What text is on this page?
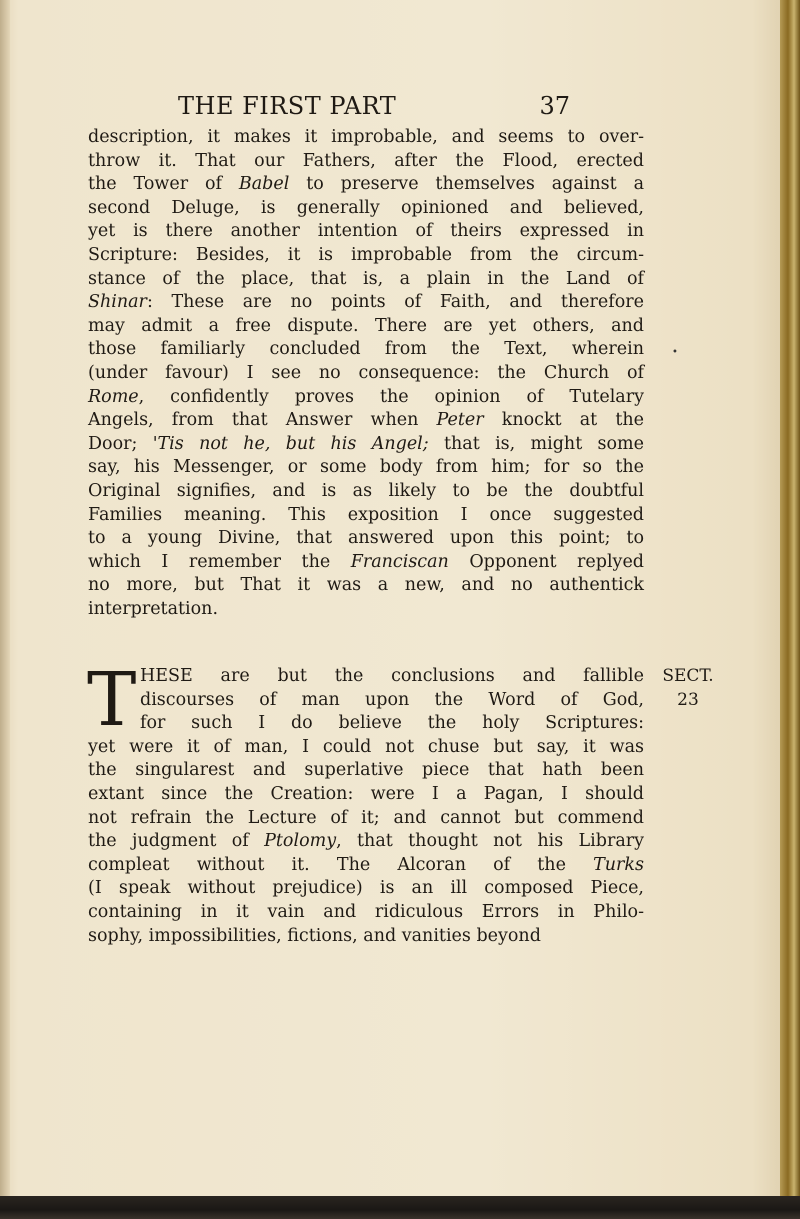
THE FIRST PART	37
•
description, it makes it improbable, and seems to over-
throw it. That our Fathers, after the Flood, erected
the Tower of Babel to preserve themselves against a
second Deluge, is generally opinioned and believed,
yet is there another intention of theirs expressed in
Scripture: Besides, it is improbable from the circum-
stance of the place, that is, a plain in the Land of
Shinar: These are no points of Faith, and therefore
may admit a free dispute. There are yet others, and
those familiarly concluded from the Text, wherein
(under favour) I see no consequence: the Church of
Rome, confidently proves the opinion of Tutelary
Angels, from that Answer when Peter knockt at the
Door; 'Tis not he, but his Angel; that is, might some
say, his Messenger, or some body from him; for so the
Original signifies, and is as likely to be the doubtful
Families meaning. This exposition I once suggested
to a young Divine, that answered upon this point; to
which I remember the Franciscan Opponent replyed
no more, but That it was a new, and no authentick
interpretation.
T HESE are but the conclusions and fallible
discourses of man upon the Word of God,
for such I do believe the holy Scriptures:
yet were it of man, I could not chuse but say, it was
the singularest and superlative piece that hath been
extant since the Creation: were I a Pagan, I should
not refrain the Lecture of it; and cannot but commend
the judgment of Ptolomy, that thought not his Library
compleat without it. The Alcoran of the Turks
(I speak without prejudice) is an ill composed Piece,
containing in it vain and ridiculous Errors in Philo-
sophy, impossibilities, fictions, and vanities beyond
SECT.
23
